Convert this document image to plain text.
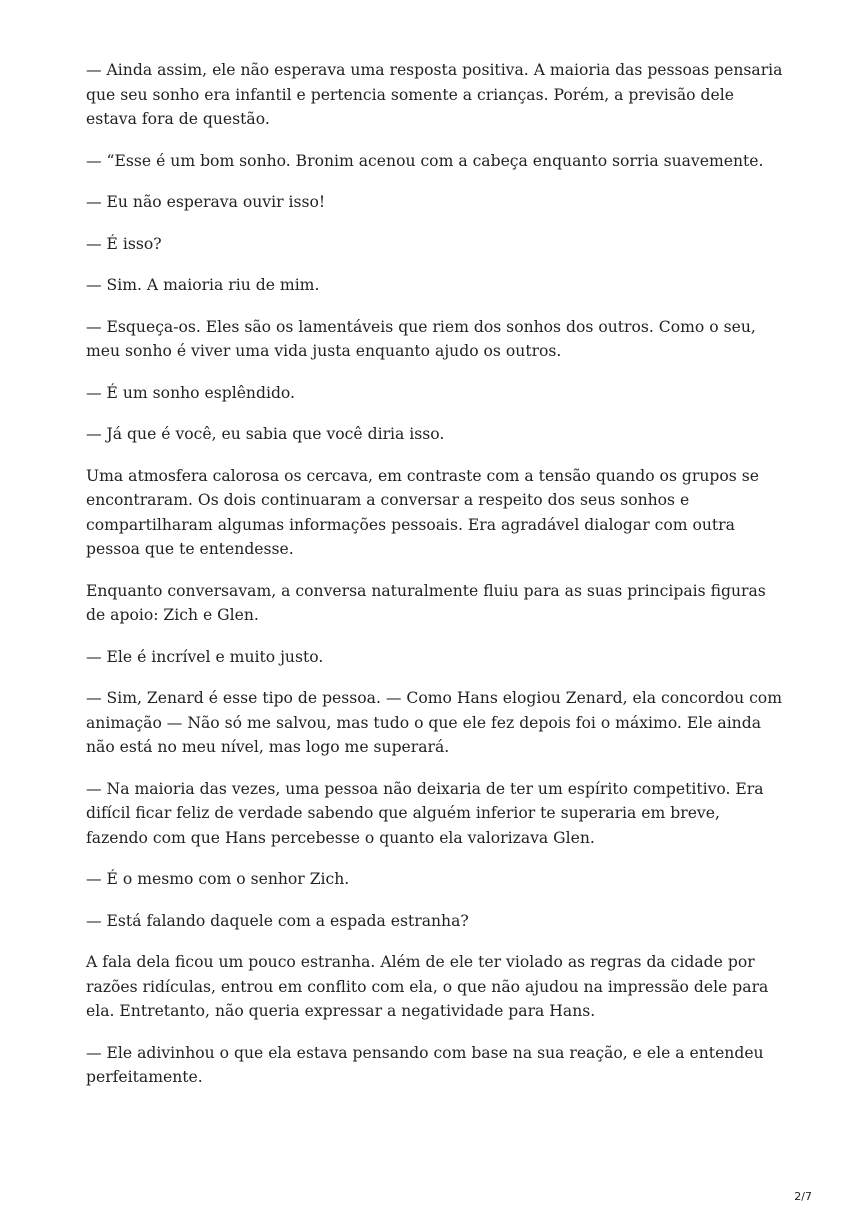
— Ainda assim, ele não esperava uma resposta positiva. A maioria das pessoas pensaria que seu sonho era infantil e pertencia somente a crianças. Porém, a previsão dele estava fora de questão.

— “Esse é um bom sonho. Bronim acenou com a cabeça enquanto sorria suavemente.

— Eu não esperava ouvir isso!

— É isso?

— Sim. A maioria riu de mim.

— Esqueça-os. Eles são os lamentáveis que riem dos sonhos dos outros. Como o seu, meu sonho é viver uma vida justa enquanto ajudo os outros.

— É um sonho esplêndido.

— Já que é você, eu sabia que você diria isso.

Uma atmosfera calorosa os cercava, em contraste com a tensão quando os grupos se encontraram. Os dois continuaram a conversar a respeito dos seus sonhos e compartilharam algumas informações pessoais. Era agradável dialogar com outra pessoa que te entendesse.

Enquanto conversavam, a conversa naturalmente fluiu para as suas principais figuras de apoio: Zich e Glen.

— Ele é incrível e muito justo.

— Sim, Zenard é esse tipo de pessoa. — Como Hans elogiou Zenard, ela concordou com animação — Não só me salvou, mas tudo o que ele fez depois foi o máximo. Ele ainda não está no meu nível, mas logo me superará.

— Na maioria das vezes, uma pessoa não deixaria de ter um espírito competitivo. Era difícil ficar feliz de verdade sabendo que alguém inferior te superaria em breve, fazendo com que Hans percebesse o quanto ela valorizava Glen.

— É o mesmo com o senhor Zich.

— Está falando daquele com a espada estranha?

A fala dela ficou um pouco estranha. Além de ele ter violado as regras da cidade por razões ridículas, entrou em conflito com ela, o que não ajudou na impressão dele para ela. Entretanto, não queria expressar a negatividade para Hans.

— Ele adivinhou o que ela estava pensando com base na sua reação, e ele a entendeu perfeitamente.

2/7
